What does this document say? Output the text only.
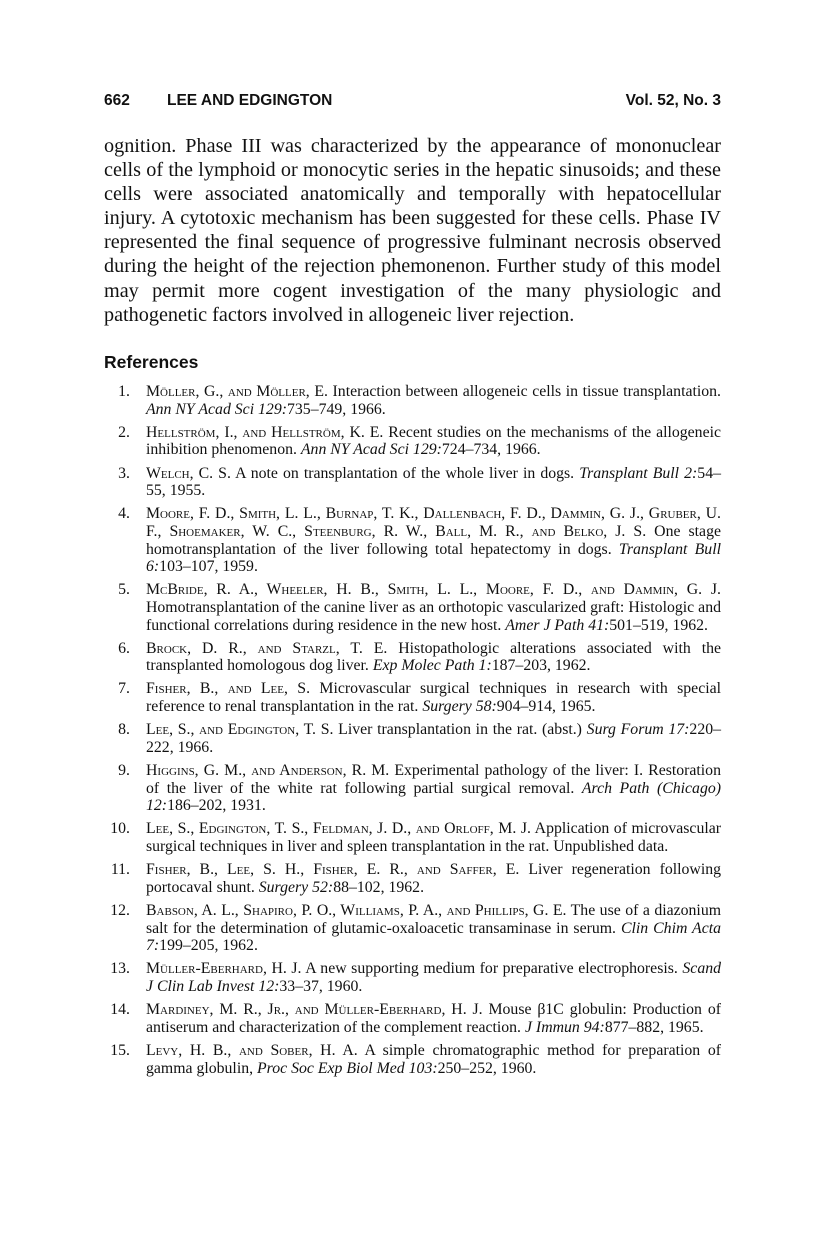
662 LEE AND EDGINGTON	Vol. 52, No. 3

ognition. Phase III was characterized by the appearance of mononuclear cells of the lymphoid or monocytic series in the hepatic sinusoids; and these cells were associated anatomically and temporally with hepatocellular injury. A cytotoxic mechanism has been suggested for these cells. Phase IV represented the final sequence of progressive fulminant necrosis observed during the height of the rejection phemonenon. Further study of this model may permit more cogent investigation of the many physiologic and pathogenetic factors involved in allogeneic liver rejection.

References
1. Möller, G., and Möller, E. Interaction between allogeneic cells in tissue transplantation. Ann NY Acad Sci 129:735–749, 1966.
2. Hellström, I., and Hellström, K. E. Recent studies on the mechanisms of the allogeneic inhibition phenomenon. Ann NY Acad Sci 129:724–734, 1966.
3. Welch, C. S. A note on transplantation of the whole liver in dogs. Transplant Bull 2:54–55, 1955.
4. Moore, F. D., Smith, L. L., Burnap, T. K., Dallenbach, F. D., Dammin, G. J., Gruber, U. F., Shoemaker, W. C., Steenburg, R. W., Ball, M. R., and Belko, J. S. One stage homotransplantation of the liver following total hepatectomy in dogs. Transplant Bull 6:103–107, 1959.
5. McBride, R. A., Wheeler, H. B., Smith, L. L., Moore, F. D., and Dammin, G. J. Homotransplantation of the canine liver as an orthotopic vascularized graft: Histologic and functional correlations during residence in the new host. Amer J Path 41:501–519, 1962.
6. Brock, D. R., and Starzl, T. E. Histopathologic alterations associated with the transplanted homologous dog liver. Exp Molec Path 1:187–203, 1962.
7. Fisher, B., and Lee, S. Microvascular surgical techniques in research with special reference to renal transplantation in the rat. Surgery 58:904–914, 1965.
8. Lee, S., and Edgington, T. S. Liver transplantation in the rat. (abst.) Surg Forum 17:220–222, 1966.
9. Higgins, G. M., and Anderson, R. M. Experimental pathology of the liver: I. Restoration of the liver of the white rat following partial surgical removal. Arch Path (Chicago) 12:186–202, 1931.
10. Lee, S., Edgington, T. S., Feldman, J. D., and Orloff, M. J. Application of microvascular surgical techniques in liver and spleen transplantation in the rat. Unpublished data.
11. Fisher, B., Lee, S. H., Fisher, E. R., and Saffer, E. Liver regeneration following portocaval shunt. Surgery 52:88–102, 1962.
12. Babson, A. L., Shapiro, P. O., Williams, P. A., and Phillips, G. E. The use of a diazonium salt for the determination of glutamic-oxaloacetic transaminase in serum. Clin Chim Acta 7:199–205, 1962.
13. Müller-Eberhard, H. J. A new supporting medium for preparative electrophoresis. Scand J Clin Lab Invest 12:33–37, 1960.
14. Mardiney, M. R., Jr., and Müller-Eberhard, H. J. Mouse β1C globulin: Production of antiserum and characterization of the complement reaction. J Immun 94:877–882, 1965.
15. Levy, H. B., and Sober, H. A. A simple chromatographic method for preparation of gamma globulin, Proc Soc Exp Biol Med 103:250–252, 1960.
